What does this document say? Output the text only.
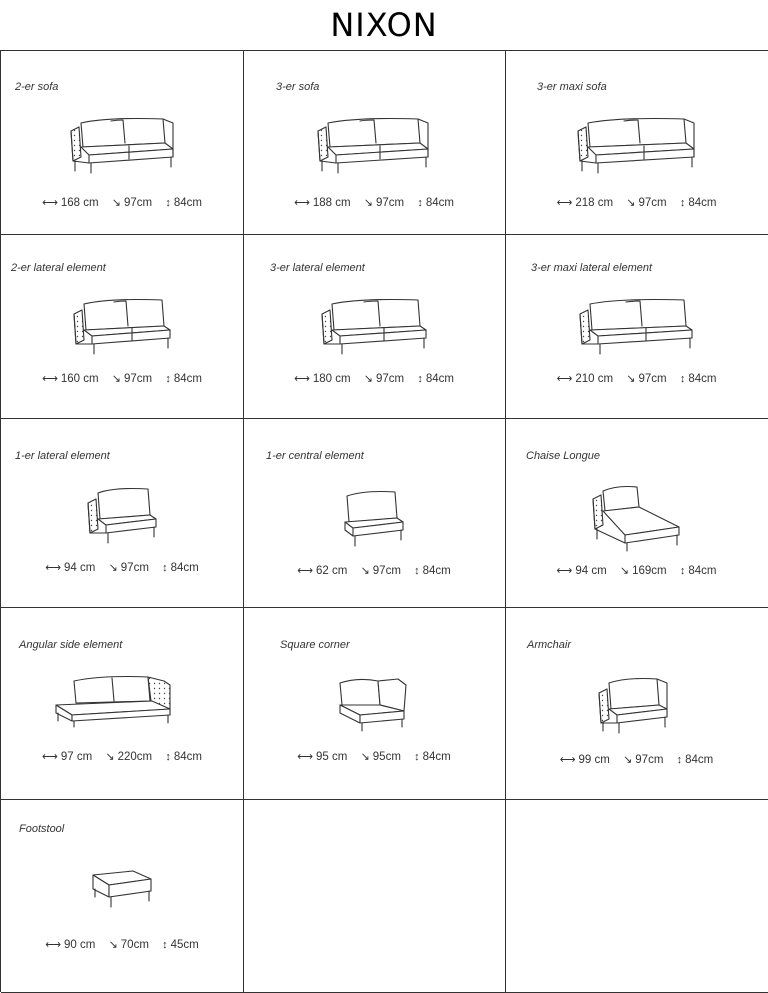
NIXON
2-er sofa
⟷ 168 cm ↘ 97cm ↕ 84cm
3-er sofa
⟷ 188 cm ↘ 97cm ↕ 84cm
3-er maxi sofa
⟷ 218 cm ↘ 97cm ↕ 84cm
2-er lateral element
⟷ 160 cm ↘ 97cm ↕ 84cm
3-er lateral element
⟷ 180 cm ↘ 97cm ↕ 84cm
3-er maxi lateral element
⟷ 210 cm ↘ 97cm ↕ 84cm
1-er lateral element
⟷ 94 cm ↘ 97cm ↕ 84cm
1-er central element
⟷ 62 cm ↘ 97cm ↕ 84cm
Chaise Longue
⟷ 94 cm ↘ 169cm ↕ 84cm
Angular side element
⟷ 97 cm ↘ 220cm ↕ 84cm
Square corner
⟷ 95 cm ↘ 95cm ↕ 84cm
Armchair
⟷ 99 cm ↘ 97cm ↕ 84cm
Footstool
⟷ 90 cm ↘ 70cm ↕ 45cm
